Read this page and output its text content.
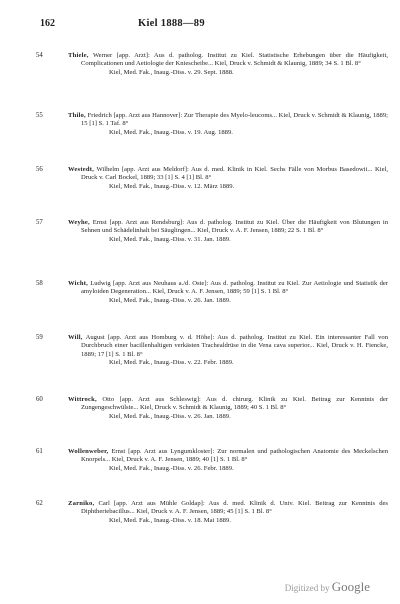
162	Kiel 1888—89
54	Thiele, Werner [app. Arzt]: Aus d. patholog. Institut zu Kiel. Statistische Erhebungen über die Häufigkeit, Complicationen und Aetiologie der Kniescheibe... Kiel, Druck v. Schmidt & Klaunig, 1889; 34 S. 1 Bl. 8°
Kiel, Med. Fak., Inaug.-Diss. v. 29. Sept. 1888.
55	Thilo, Friedrich [app. Arzt aus Hannover]: Zur Therapie des Myelo-leucoms... Kiel, Druck v. Schmidt & Klaunig, 1889; 15 [1] S. 1 Taf. 8°
Kiel, Med. Fak., Inaug.-Diss. v. 19. Aug. 1889.
56	Westedt, Wilhelm [app. Arzt aus Meldorf]: Aus d. med. Klinik in Kiel. Sechs Fälle von Morbus Basedowii... Kiel, Druck v. Carl Bockel, 1889; 33 [1] S. 4 [1] Bl. 8°
Kiel, Med. Fak., Inaug.-Diss. v. 12. März 1889.
57	Weyhe, Ernst [app. Arzt aus Rendsburg]: Aus d. patholog. Institut zu Kiel. Über die Häufigkeit von Blutungen in Sehnen und Schädelinhalt bei Säuglingen... Kiel, Druck v. A. F. Jensen, 1889; 22 S. 1 Bl. 8°
Kiel, Med. Fak., Inaug.-Diss. v. 31. Jan. 1889.
58	Wicht, Ludwig [app. Arzt aus Neuhaus a./d. Oste]: Aus d. patholog. Institut zu Kiel. Zur Aetiologie und Statistik der amyloiden Degeneration... Kiel, Druck v. A. F. Jensen, 1889; 59 [1] S. 1 Bl. 8°
Kiel, Med. Fak., Inaug.-Diss. v. 26. Jan. 1889.
59	Will, August [app. Arzt aus Homburg v. d. Höhe]: Aus d. patholog. Institut zu Kiel. Ein interessanter Fall von Durchbruch einer bacillenhaltigen verkästen Trachealdrüse in die Vena cava superior... Kiel, Druck v. H. Fiencke, 1889; 17 [1] S. 1 Bl. 8°
Kiel, Med. Fak., Inaug.-Diss. v. 22. Febr. 1889.
60	Wittrock, Otto [app. Arzt aus Schleswig]: Aus d. chirurg. Klinik zu Kiel. Beitrag zur Kenntnis der Zungengeschwülste... Kiel, Druck v. Schmidt & Klaunig, 1889; 40 S. 1 Bl. 8°
Kiel, Med. Fak., Inaug.-Diss. v. 26. Jan. 1889.
61	Wollenweber, Ernst [app. Arzt aus Lyngumkloster]: Zur normalen und pathologischen Anatomie des Meckelschen Knorpels... Kiel, Druck v. A. F. Jensen, 1889; 40 [1] S. 1 Bl. 8°
Kiel, Med. Fak., Inaug.-Diss. v. 26. Febr. 1889.
62	Zarniko, Carl [app. Arzt aus Mühle Goldap]: Aus d. med. Klinik d. Univ. Kiel. Beitrag zur Kenntnis des Diphtheriebacillus... Kiel, Druck v. A. F. Jensen, 1889; 45 [1] S. 1 Bl. 8°
Kiel, Med. Fak., Inaug.-Diss. v. 18. Mai 1889.
Digitized by Google
